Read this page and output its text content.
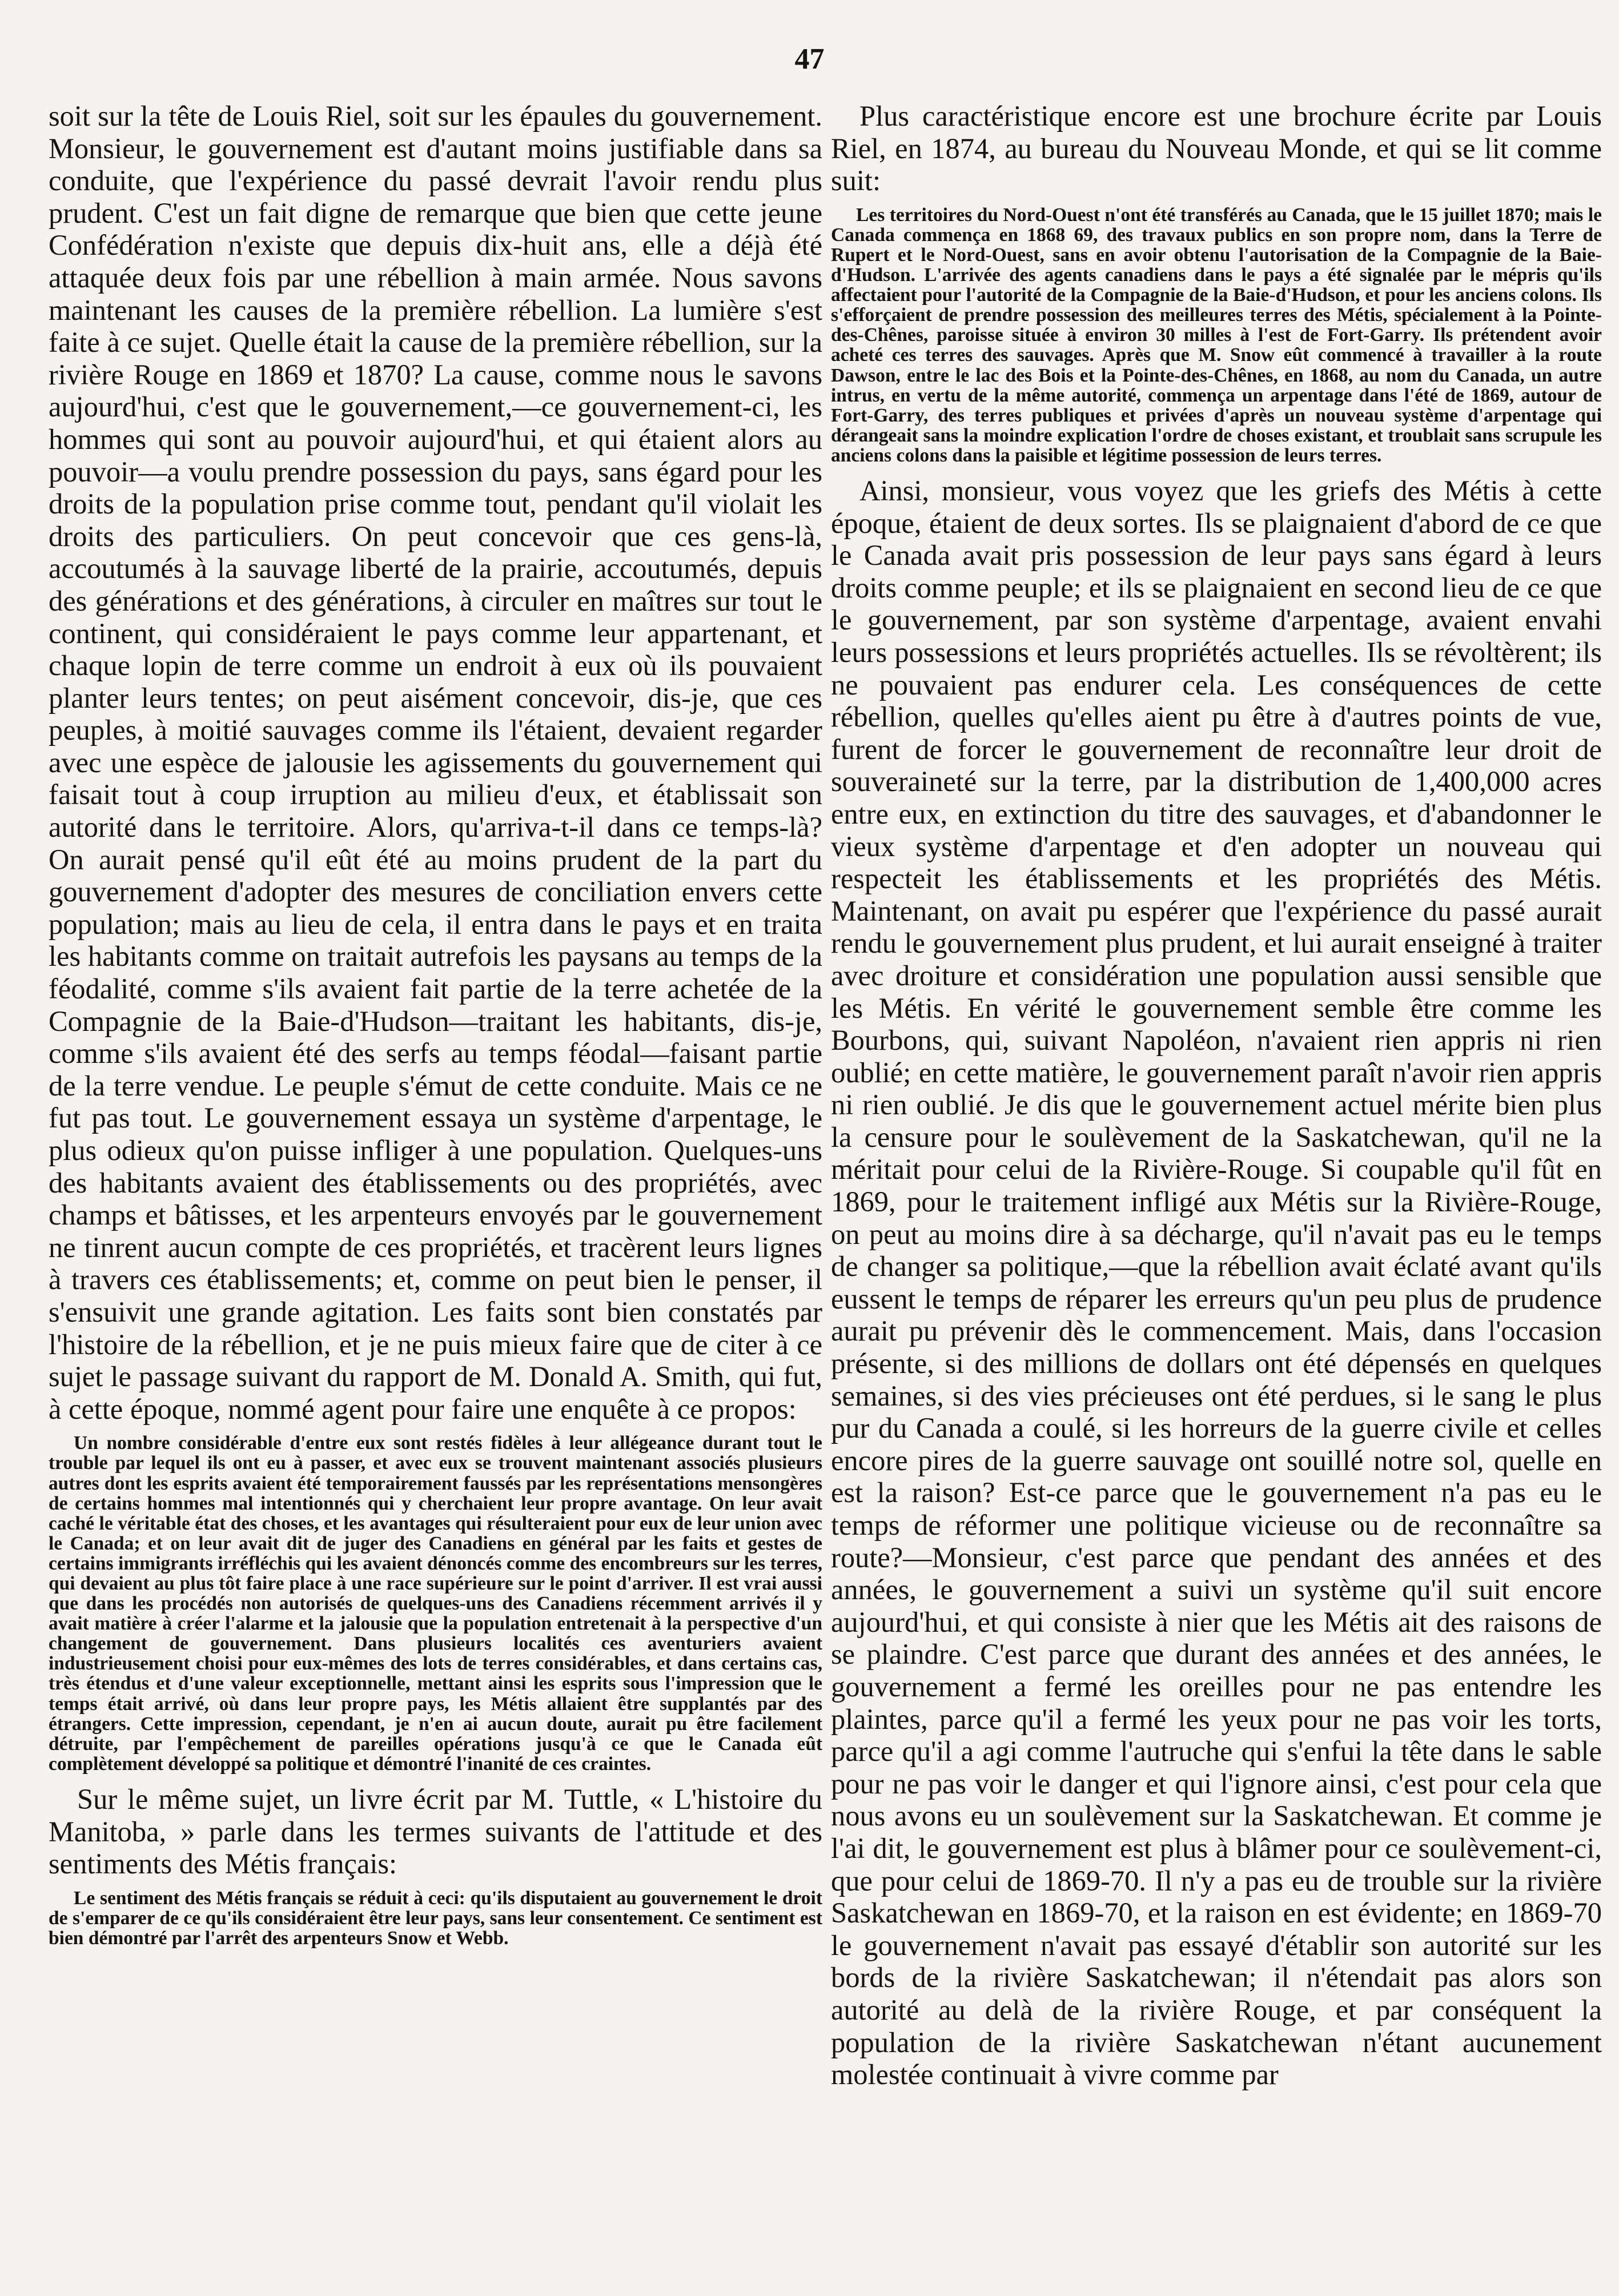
47

soit sur la tête de Louis Riel, soit sur les épaules du gouvernement. Monsieur, le gouvernement est d'autant moins justifiable dans sa conduite, que l'expérience du passé devrait l'avoir rendu plus prudent. C'est un fait digne de remarque que bien que cette jeune Confédération n'existe que depuis dix-huit ans, elle a déjà été attaquée deux fois par une rébellion à main armée. Nous savons maintenant les causes de la première rébellion. La lumière s'est faite à ce sujet. Quelle était la cause de la première rébellion, sur la rivière Rouge en 1869 et 1870? La cause, comme nous le savons aujourd'hui, c'est que le gouvernement,—ce gouvernement-ci, les hommes qui sont au pouvoir aujourd'hui, et qui étaient alors au pouvoir—a voulu prendre possession du pays, sans égard pour les droits de la population prise comme tout, pendant qu'il violait les droits des particuliers. On peut concevoir que ces gens-là, accoutumés à la sauvage liberté de la prairie, accoutumés, depuis des générations et des générations, à circuler en maîtres sur tout le continent, qui considéraient le pays comme leur appartenant, et chaque lopin de terre comme un endroit à eux où ils pouvaient planter leurs tentes; on peut aisément concevoir, dis-je, que ces peuples, à moitié sauvages comme ils l'étaient, devaient regarder avec une espèce de jalousie les agissements du gouvernement qui faisait tout à coup irruption au milieu d'eux, et établissait son autorité dans le territoire. Alors, qu'arriva-t-il dans ce temps-là? On aurait pensé qu'il eût été au moins prudent de la part du gouvernement d'adopter des mesures de conciliation envers cette population; mais au lieu de cela, il entra dans le pays et en traita les habitants comme on traitait autrefois les paysans au temps de la féodalité, comme s'ils avaient fait partie de la terre achetée de la Compagnie de la Baie-d'Hudson—traitant les habitants, dis-je, comme s'ils avaient été des serfs au temps féodal—faisant partie de la terre vendue. Le peuple s'émut de cette conduite. Mais ce ne fut pas tout. Le gouvernement essaya un système d'arpentage, le plus odieux qu'on puisse infliger à une population. Quelques-uns des habitants avaient des établissements ou des propriétés, avec champs et bâtisses, et les arpenteurs envoyés par le gouvernement ne tinrent aucun compte de ces propriétés, et tracèrent leurs lignes à travers ces établissements; et, comme on peut bien le penser, il s'ensuivit une grande agitation. Les faits sont bien constatés par l'histoire de la rébellion, et je ne puis mieux faire que de citer à ce sujet le passage suivant du rapport de M. Donald A. Smith, qui fut, à cette époque, nommé agent pour faire une enquête à ce propos:

Un nombre considérable d'entre eux sont restés fidèles à leur allégeance durant tout le trouble par lequel ils ont eu à passer, et avec eux se trouvent maintenant associés plusieurs autres dont les esprits avaient été temporairement faussés par les représentations mensongères de certains hommes mal intentionnés qui y cherchaient leur propre avantage. On leur avait caché le véritable état des choses, et les avantages qui résulteraient pour eux de leur union avec le Canada; et on leur avait dit de juger des Canadiens en général par les faits et gestes de certains immigrants irréfléchis qui les avaient dénoncés comme des encombreurs sur les terres, qui devaient au plus tôt faire place à une race supérieure sur le point d'arriver. Il est vrai aussi que dans les procédés non autorisés de quelques-uns des Canadiens récemment arrivés il y avait matière à créer l'alarme et la jalousie que la population entretenait à la perspective d'un changement de gouvernement. Dans plusieurs localités ces aventuriers avaient industrieusement choisi pour eux-mêmes des lots de terres considérables, et dans certains cas, très étendus et d'une valeur exceptionnelle, mettant ainsi les esprits sous l'impression que le temps était arrivé, où dans leur propre pays, les Métis allaient être supplantés par des étrangers. Cette impression, cependant, je n'en ai aucun doute, aurait pu être facilement détruite, par l'empêchement de pareilles opérations jusqu'à ce que le Canada eût complètement développé sa politique et démontré l'inanité de ces craintes.

Sur le même sujet, un livre écrit par M. Tuttle, « L'histoire du Manitoba, » parle dans les termes suivants de l'attitude et des sentiments des Métis français:

Le sentiment des Métis français se réduit à ceci: qu'ils disputaient au gouvernement le droit de s'emparer de ce qu'ils considéraient être leur pays, sans leur consentement. Ce sentiment est bien démontré par l'arrêt des arpenteurs Snow et Webb.

Plus caractéristique encore est une brochure écrite par Louis Riel, en 1874, au bureau du Nouveau Monde, et qui se lit comme suit:

Les territoires du Nord-Ouest n'ont été transférés au Canada, que le 15 juillet 1870; mais le Canada commença en 1868 69, des travaux publics en son propre nom, dans la Terre de Rupert et le Nord-Ouest, sans en avoir obtenu l'autorisation de la Compagnie de la Baie-d'Hudson. L'arrivée des agents canadiens dans le pays a été signalée par le mépris qu'ils affectaient pour l'autorité de la Compagnie de la Baie-d'Hudson, et pour les anciens colons. Ils s'efforçaient de prendre possession des meilleures terres des Métis, spécialement à la Pointe-des-Chênes, paroisse située à environ 30 milles à l'est de Fort-Garry. Ils prétendent avoir acheté ces terres des sauvages. Après que M. Snow eût commencé à travailler à la route Dawson, entre le lac des Bois et la Pointe-des-Chênes, en 1868, au nom du Canada, un autre intrus, en vertu de la même autorité, commença un arpentage dans l'été de 1869, autour de Fort-Garry, des terres publiques et privées d'après un nouveau système d'arpentage qui dérangeait sans la moindre explication l'ordre de choses existant, et troublait sans scrupule les anciens colons dans la paisible et légitime possession de leurs terres.

Ainsi, monsieur, vous voyez que les griefs des Métis à cette époque, étaient de deux sortes. Ils se plaignaient d'abord de ce que le Canada avait pris possession de leur pays sans égard à leurs droits comme peuple; et ils se plaignaient en second lieu de ce que le gouvernement, par son système d'arpentage, avaient envahi leurs possessions et leurs propriétés actuelles. Ils se révoltèrent; ils ne pouvaient pas endurer cela. Les conséquences de cette rébellion, quelles qu'elles aient pu être à d'autres points de vue, furent de forcer le gouvernement de reconnaître leur droit de souveraineté sur la terre, par la distribution de 1,400,000 acres entre eux, en extinction du titre des sauvages, et d'abandonner le vieux système d'arpentage et d'en adopter un nouveau qui respecteit les établissements et les propriétés des Métis. Maintenant, on avait pu espérer que l'expérience du passé aurait rendu le gouvernement plus prudent, et lui aurait enseigné à traiter avec droiture et considération une population aussi sensible que les Métis. En vérité le gouvernement semble être comme les Bourbons, qui, suivant Napoléon, n'avaient rien appris ni rien oublié; en cette matière, le gouvernement paraît n'avoir rien appris ni rien oublié. Je dis que le gouvernement actuel mérite bien plus la censure pour le soulèvement de la Saskatchewan, qu'il ne la méritait pour celui de la Rivière-Rouge. Si coupable qu'il fût en 1869, pour le traitement infligé aux Métis sur la Rivière-Rouge, on peut au moins dire à sa décharge, qu'il n'avait pas eu le temps de changer sa politique,—que la rébellion avait éclaté avant qu'ils eussent le temps de réparer les erreurs qu'un peu plus de prudence aurait pu prévenir dès le commencement. Mais, dans l'occasion présente, si des millions de dollars ont été dépensés en quelques semaines, si des vies précieuses ont été perdues, si le sang le plus pur du Canada a coulé, si les horreurs de la guerre civile et celles encore pires de la guerre sauvage ont souillé notre sol, quelle en est la raison? Est-ce parce que le gouvernement n'a pas eu le temps de réformer une politique vicieuse ou de reconnaître sa route?—Monsieur, c'est parce que pendant des années et des années, le gouvernement a suivi un système qu'il suit encore aujourd'hui, et qui consiste à nier que les Métis ait des raisons de se plaindre. C'est parce que durant des années et des années, le gouvernement a fermé les oreilles pour ne pas entendre les plaintes, parce qu'il a fermé les yeux pour ne pas voir les torts, parce qu'il a agi comme l'autruche qui s'enfui la tête dans le sable pour ne pas voir le danger et qui l'ignore ainsi, c'est pour cela que nous avons eu un soulèvement sur la Saskatchewan. Et comme je l'ai dit, le gouvernement est plus à blâmer pour ce soulèvement-ci, que pour celui de 1869-70. Il n'y a pas eu de trouble sur la rivière Saskatchewan en 1869-70, et la raison en est évidente; en 1869-70 le gouvernement n'avait pas essayé d'établir son autorité sur les bords de la rivière Saskatchewan; il n'étendait pas alors son autorité au delà de la rivière Rouge, et par conséquent la population de la rivière Saskatchewan n'étant aucunement molestée continuait à vivre comme par
